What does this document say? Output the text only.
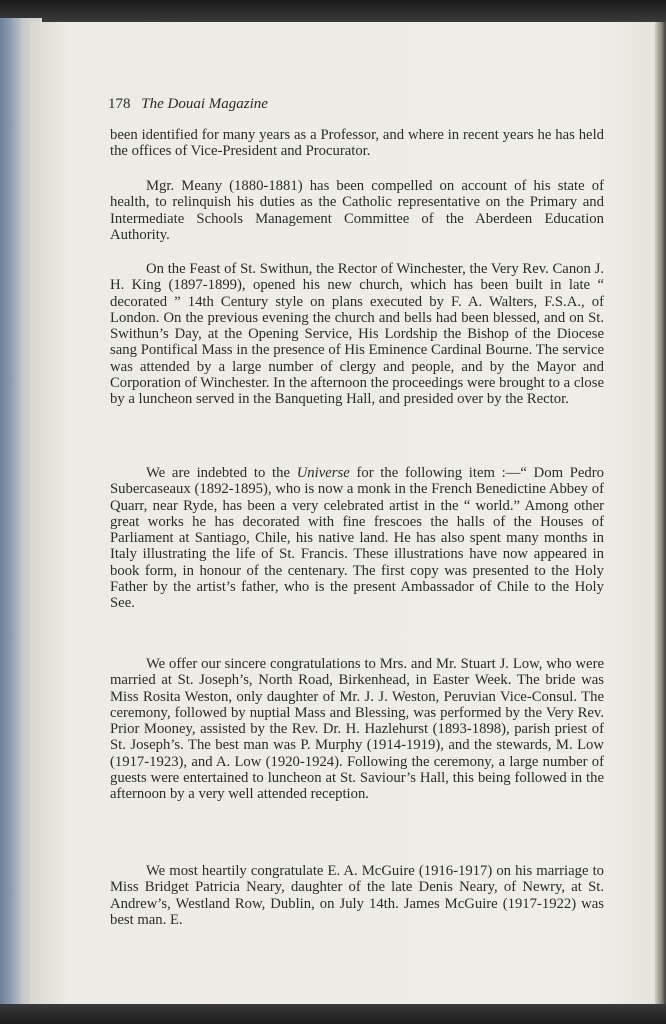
178 The Douai Magazine

been identified for many years as a Professor, and where in recent years he has held the offices of Vice-President and Procurator.

Mgr. Meany (1880-1881) has been compelled on account of his state of health, to relinquish his duties as the Catholic representative on the Primary and Intermediate Schools Management Committee of the Aberdeen Education Authority.

On the Feast of St. Swithun, the Rector of Winchester, the Very Rev. Canon J. H. King (1897-1899), opened his new church, which has been built in late “ decorated ” 14th Century style on plans executed by F. A. Walters, F.S.A., of London. On the previous evening the church and bells had been blessed, and on St. Swithun’s Day, at the Opening Service, His Lordship the Bishop of the Diocese sang Pontifical Mass in the presence of His Eminence Cardinal Bourne. The service was attended by a large number of clergy and people, and by the Mayor and Corporation of Winchester. In the afternoon the proceedings were brought to a close by a luncheon served in the Banqueting Hall, and presided over by the Rector.

We are indebted to the Universe for the following item :—“ Dom Pedro Subercaseaux (1892-1895), who is now a monk in the French Benedictine Abbey of Quarr, near Ryde, has been a very celebrated artist in the “ world.” Among other great works he has decorated with fine frescoes the halls of the Houses of Parliament at Santiago, Chile, his native land. He has also spent many months in Italy illustrating the life of St. Francis. These illustrations have now appeared in book form, in honour of the centenary. The first copy was presented to the Holy Father by the artist’s father, who is the present Ambassador of Chile to the Holy See.

We offer our sincere congratulations to Mrs. and Mr. Stuart J. Low, who were married at St. Joseph’s, North Road, Birkenhead, in Easter Week. The bride was Miss Rosita Weston, only daughter of Mr. J. J. Weston, Peruvian Vice-Consul. The ceremony, followed by nuptial Mass and Blessing, was performed by the Very Rev. Prior Mooney, assisted by the Rev. Dr. H. Hazlehurst (1893-1898), parish priest of St. Joseph’s. The best man was P. Murphy (1914-1919), and the stewards, M. Low (1917-1923), and A. Low (1920-1924). Following the ceremony, a large number of guests were entertained to luncheon at St. Saviour’s Hall, this being followed in the afternoon by a very well attended reception.

We most heartily congratulate E. A. McGuire (1916-1917) on his marriage to Miss Bridget Patricia Neary, daughter of the late Denis Neary, of Newry, at St. Andrew’s, Westland Row, Dublin, on July 14th. James McGuire (1917-1922) was best man. E.
